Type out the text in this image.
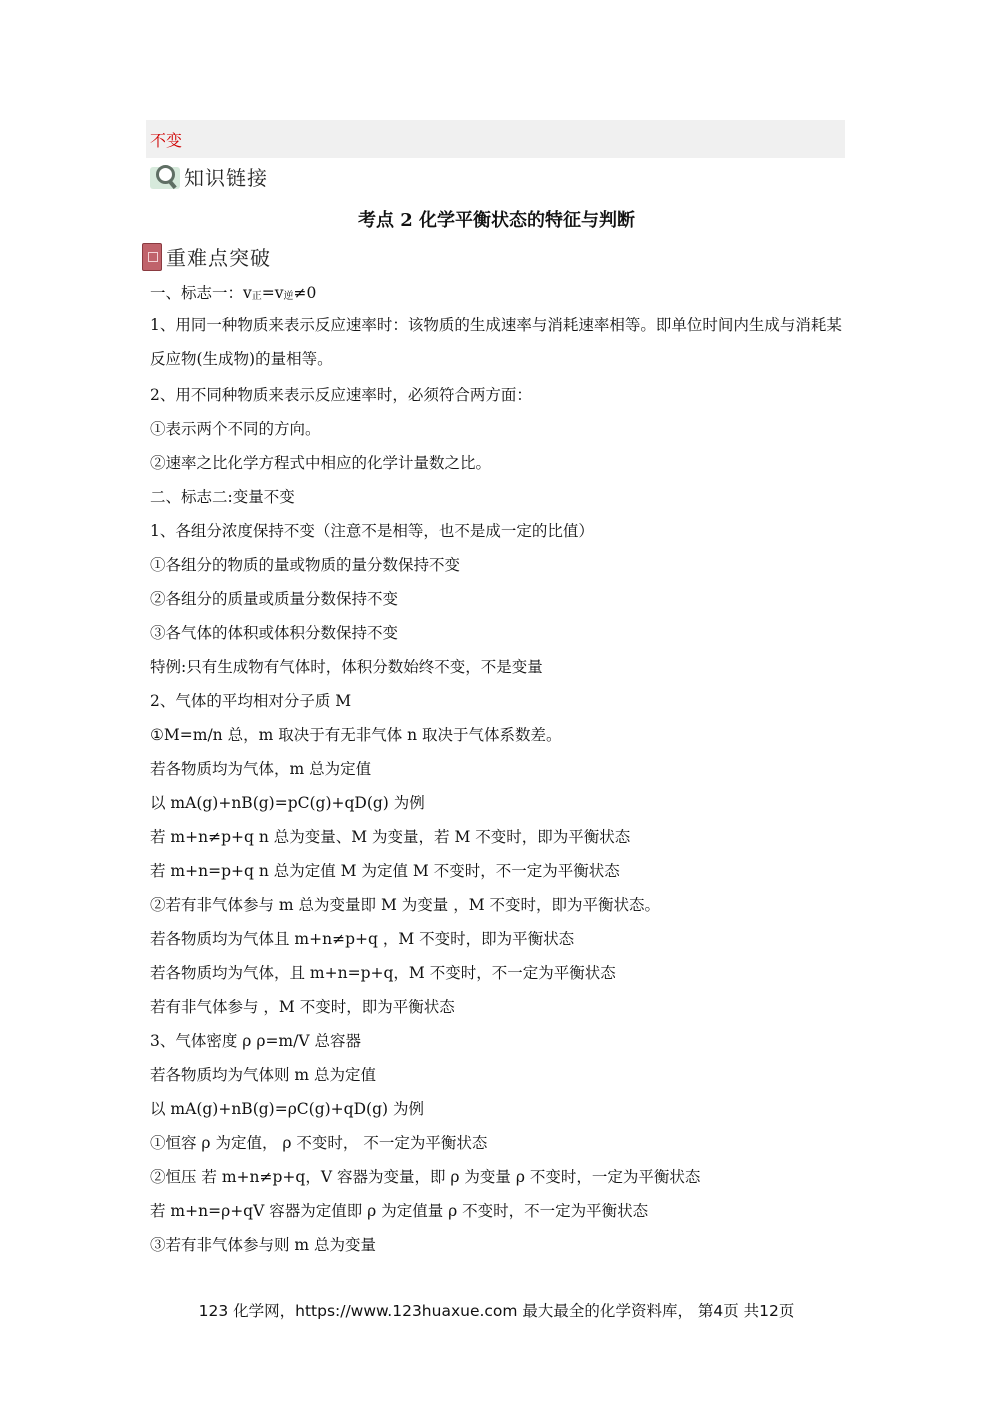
不变
知识链接
考点 2 化学平衡状态的特征与判断
重难点突破
一、标志一：v正=v逆≠0
1、用同一种物质来表示反应速率时：该物质的生成速率与消耗速率相等。即单位时间内生成与消耗某反应物(生成物)的量相等。
2、用不同种物质来表示反应速率时，必须符合两方面：
①表示两个不同的方向。
②速率之比化学方程式中相应的化学计量数之比。
二、标志二:变量不变
1、各组分浓度保持不变（注意不是相等，也不是成一定的比值）
①各组分的物质的量或物质的量分数保持不变
②各组分的质量或质量分数保持不变
③各气体的体积或体积分数保持不变
特例:只有生成物有气体时，体积分数始终不变，不是变量
2、气体的平均相对分子质 M
①M=m/n 总，m 取决于有无非气体 n 取决于气体系数差。
若各物质均为气体，m 总为定值
以 mA(g)+nB(g)=pC(g)+qD(g) 为例
若 m+n≠p+q n 总为变量、M 为变量，若 M 不变时，即为平衡状态
若 m+n=p+q n 总为定值 M 为定值 M 不变时，不一定为平衡状态
②若有非气体参与 m 总为变量即 M 为变量 ，M 不变时，即为平衡状态。
若各物质均为气体且 m+n≠p+q ，M 不变时，即为平衡状态
若各物质均为气体，且 m+n=p+q，M 不变时，不一定为平衡状态
若有非气体参与 ，M 不变时，即为平衡状态
3、气体密度 ρ ρ=m/V 总容器
若各物质均为气体则 m 总为定值
以 mA(g)+nB(g)=ρC(g)+qD(g) 为例
①恒容 ρ 为定值， ρ 不变时， 不一定为平衡状态
②恒压 若 m+n≠p+q，V 容器为变量，即 ρ 为变量 ρ 不变时，一定为平衡状态
若 m+n=ρ+qV 容器为定值即 ρ 为定值量 ρ 不变时，不一定为平衡状态
③若有非气体参与则 m 总为变量
123 化学网，https://www.123huaxue.com 最大最全的化学资料库， 第4页 共12页
